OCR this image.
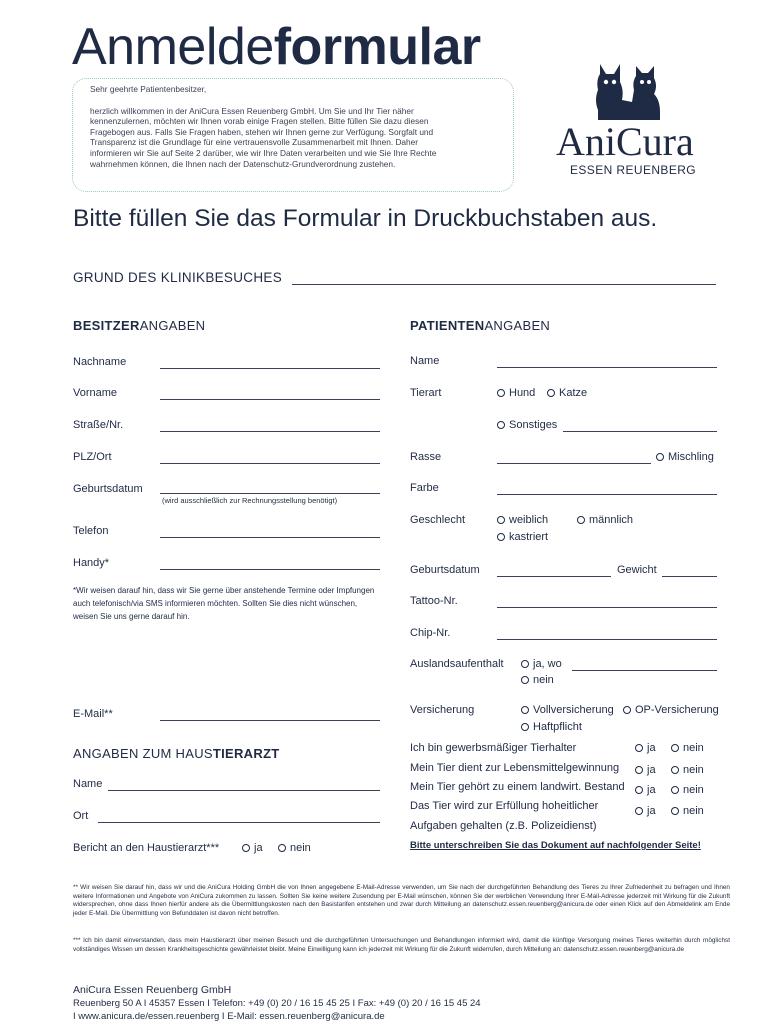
Anmeldeformular

Sehr geehrte Patientenbesitzer,

herzlich willkommen in der AniCura Essen Reuenberg GmbH. Um Sie und Ihr Tier näher kennenzulernen, möchten wir Ihnen vorab einige Fragen stellen. Bitte füllen Sie dazu diesen Fragebogen aus. Falls Sie Fragen haben, stehen wir Ihnen gerne zur Verfügung. Sorgfalt und Transparenz ist die Grundlage für eine vertrauensvolle Zusammenarbeit mit Ihnen. Daher informieren wir Sie auf Seite 2 darüber, wie wir Ihre Daten verarbeiten und wie Sie Ihre Rechte wahrnehmen können, die Ihnen nach der Datenschutz-Grundverordnung zustehen.	AniCura
ESSEN REUENBERG
Bitte füllen Sie das Formular in Druckbuchstaben aus.
GRUND DES KLINIKBESUCHES
BESITZERANGABEN
Nachname
Vorname
Straße/Nr.
PLZ/Ort
Geburtsdatum
(wird ausschließlich zur Rechnungsstellung benötigt)
Telefon
Handy*
*Wir weisen darauf hin, dass wir Sie gerne über anstehende Termine oder Impfungen auch telefonisch/via SMS informieren möchten. Sollten Sie dies nicht wünschen, weisen Sie uns gerne darauf hin.
E-Mail**
ANGABEN ZUM HAUSTIERARZT
Name
Ort
Bericht an den Haustierarzt***	ja	nein
PATIENTENANGABEN
Name
Tierart	Hund	Katze
Sonstiges
Rasse	Mischling
Farbe
Geschlecht	weiblich	männlich
kastriert
Geburtsdatum	Gewicht
Tattoo-Nr.
Chip-Nr.
Auslandsaufenthalt	ja, wo
nein
Versicherung	Vollversicherung	OP-Versicherung
Haftpflicht
Ich bin gewerbsmäßiger Tierhalter	ja	nein
Mein Tier dient zur Lebensmittelgewinnung	ja	nein
Mein Tier gehört zu einem landwirt. Bestand	ja	nein
Das Tier wird zur Erfüllung hoheitlicher
Aufgaben gehalten (z.B. Polizeidienst)
ja	nein
Bitte unterschreiben Sie das Dokument auf nachfolgender Seite!
** Wir weisen Sie darauf hin, dass wir und die AniCura Holding GmbH die von Ihnen angegebene E-Mail-Adresse verwenden, um Sie nach der durchgeführten Behandlung des Tieres zu Ihrer Zufriedenheit zu befragen und Ihnen weitere Informationen und Angebote von AniCura zukommen zu lassen. Sollten Sie keine weitere Zusendung per E-Mail wünschen, können Sie der werblichen Verwendung Ihrer E-Mail-Adresse jederzeit mit Wirkung für die Zukunft widersprechen, ohne dass Ihnen hierfür andere als die Übermittlungskosten nach den Basistarifen entstehen und zwar durch Mitteilung an datenschutz.essen.reuenberg@anicura.de oder einen Klick auf den Abmeldelink am Ende jeder E-Mail. Die Übermittlung von Befunddaten ist davon nicht betroffen.
*** Ich bin damit einverstanden, dass mein Haustierarzt über meinen Besuch und die durchgeführten Untersuchungen und Behandlungen informiert wird, damit die künftige Versorgung meines Tieres weiterhin durch möglichst vollständiges Wissen um dessen Krankheitsgeschichte gewährleistet bleibt. Meine Einwilligung kann ich jederzeit mit Wirkung für die Zukunft widerrufen, durch Mitteilung an: datenschutz.essen.reuenberg@anicura.de
AniCura Essen Reuenberg GmbH
Reuenberg 50 A I 45357 Essen I Telefon: +49 (0) 20 / 16 15 45 25 I Fax: +49 (0) 20 / 16 15 45 24
I www.anicura.de/essen.reuenberg I E-Mail: essen.reuenberg@anicura.de
